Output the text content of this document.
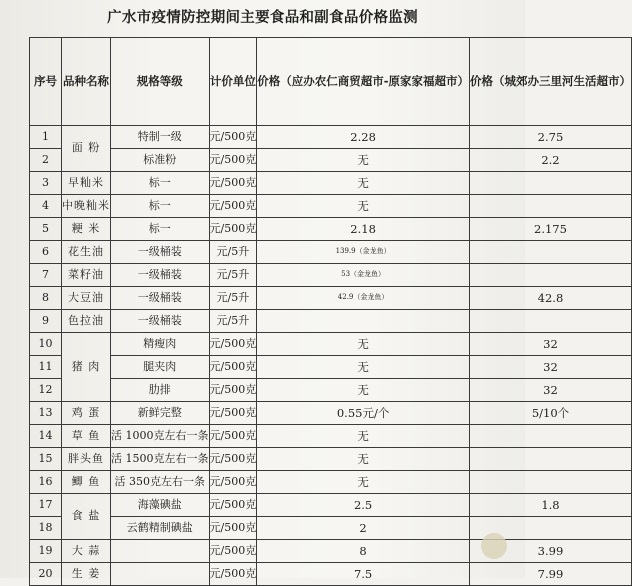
广水市疫情防控期间主要食品和副食品价格监测
序号	品种名称	规格等级	计价单位	价格（应办农仁商贸超市-原家家福超市）	价格（城郊办三里河生活超市）
1	面 粉	特制一级	元/500克	2.28	2.75
2		标准粉	元/500克	无	2.2
3	早籼米	标一	元/500克	无	
4	中晚籼米	标一	元/500克	无	
5	粳 米	标一	元/500克	2.18	2.175
6	花生油	一级桶装	元/5升	139.9（金龙鱼）	
7	菜籽油	一级桶装	元/5升	53（金龙鱼）	
8	大豆油	一级桶装	元/5升	42.9（金龙鱼）	42.8
9	色拉油	一级桶装	元/5升		
10	猪 肉	精瘦肉	元/500克	无	32
11		腿夹肉	元/500克	无	32
12		肋排	元/500克	无	32
13	鸡 蛋	新鲜完整	元/500克	0.55元/个	5/10个
14	草 鱼	活 1000克左右一条	元/500克	无	
15	胖头鱼	活 1500克左右一条	元/500克	无	
16	鲫 鱼	活 350克左右一条	元/500克	无	
17	食 盐	海藻碘盐	元/500克	2.5	1.8
18		云鹤精制碘盐	元/500克	2	
19	大 蒜		元/500克	8	3.99
20	生 姜		元/500克	7.5	7.99
